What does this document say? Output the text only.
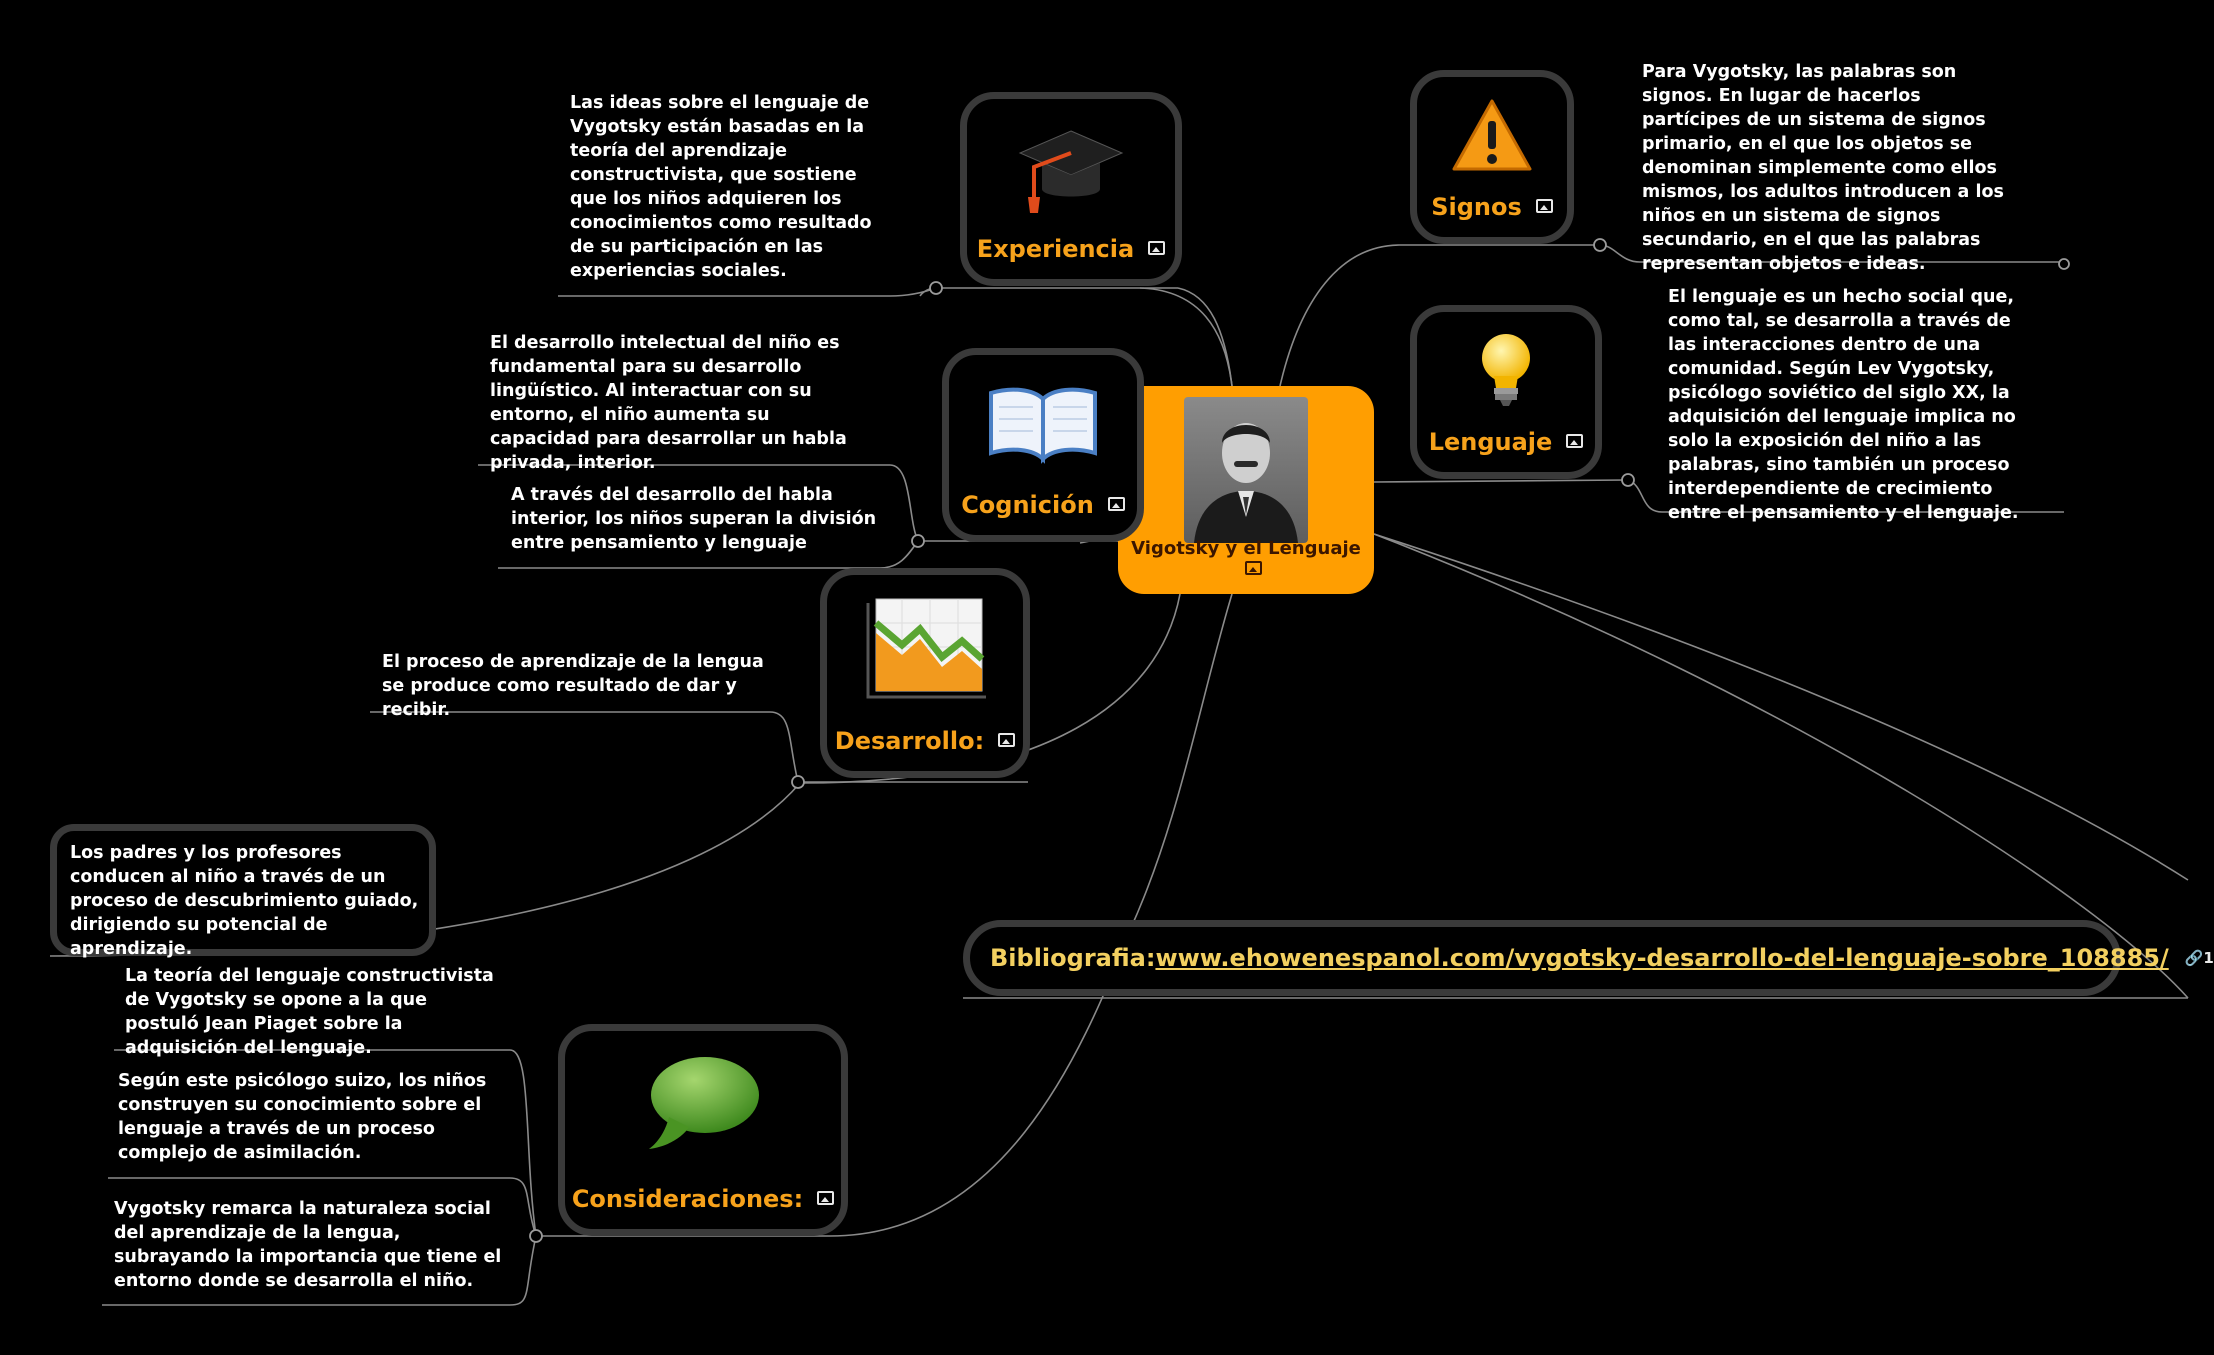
Vigotsky y el Lenguaje
Experiencia
Cognición
Desarrollo:
Consideraciones:
Signos
Lenguaje

Las ideas sobre el lenguaje de Vygotsky están basadas en la teoría del aprendizaje constructivista, que sostiene que los niños adquieren los conocimientos como resultado de su participación en las experiencias sociales.

El desarrollo intelectual del niño es fundamental para su desarrollo lingüístico. Al interactuar con su entorno, el niño aumenta su capacidad para desarrollar un habla privada, interior.

A través del desarrollo del habla interior, los niños superan la división entre pensamiento y lenguaje

El proceso de aprendizaje de la lengua se produce como resultado de dar y recibir.

Los padres y los profesores conducen al niño a través de un proceso de descubrimiento guiado, dirigiendo su potencial de aprendizaje.

La teoría del lenguaje constructivista de Vygotsky se opone a la que postuló Jean Piaget sobre la adquisición del lenguaje.

Según este psicólogo suizo, los niños construyen su conocimiento sobre el lenguaje a través de un proceso complejo de asimilación.

Vygotsky remarca la naturaleza social del aprendizaje de la lengua, subrayando la importancia que tiene el entorno donde se desarrolla el niño.

Para Vygotsky, las palabras son signos. En lugar de hacerlos partícipes de un sistema de signos primario, en el que los objetos se denominan simplemente como ellos mismos, los adultos introducen a los niños en un sistema de signos secundario, en el que las palabras representan objetos e ideas.

El lenguaje es un hecho social que, como tal, se desarrolla a través de las interacciones dentro de una comunidad. Según Lev Vygotsky, psicólogo soviético del siglo XX, la adquisición del lenguaje implica no solo la exposición del niño a las palabras, sino también un proceso interdependiente de crecimiento entre el pensamiento y el lenguaje.

Bibliografia: www.ehowenespanol.com/vygotsky-desarrollo-del-lenguaje-sobre_108885/ 🔗1
